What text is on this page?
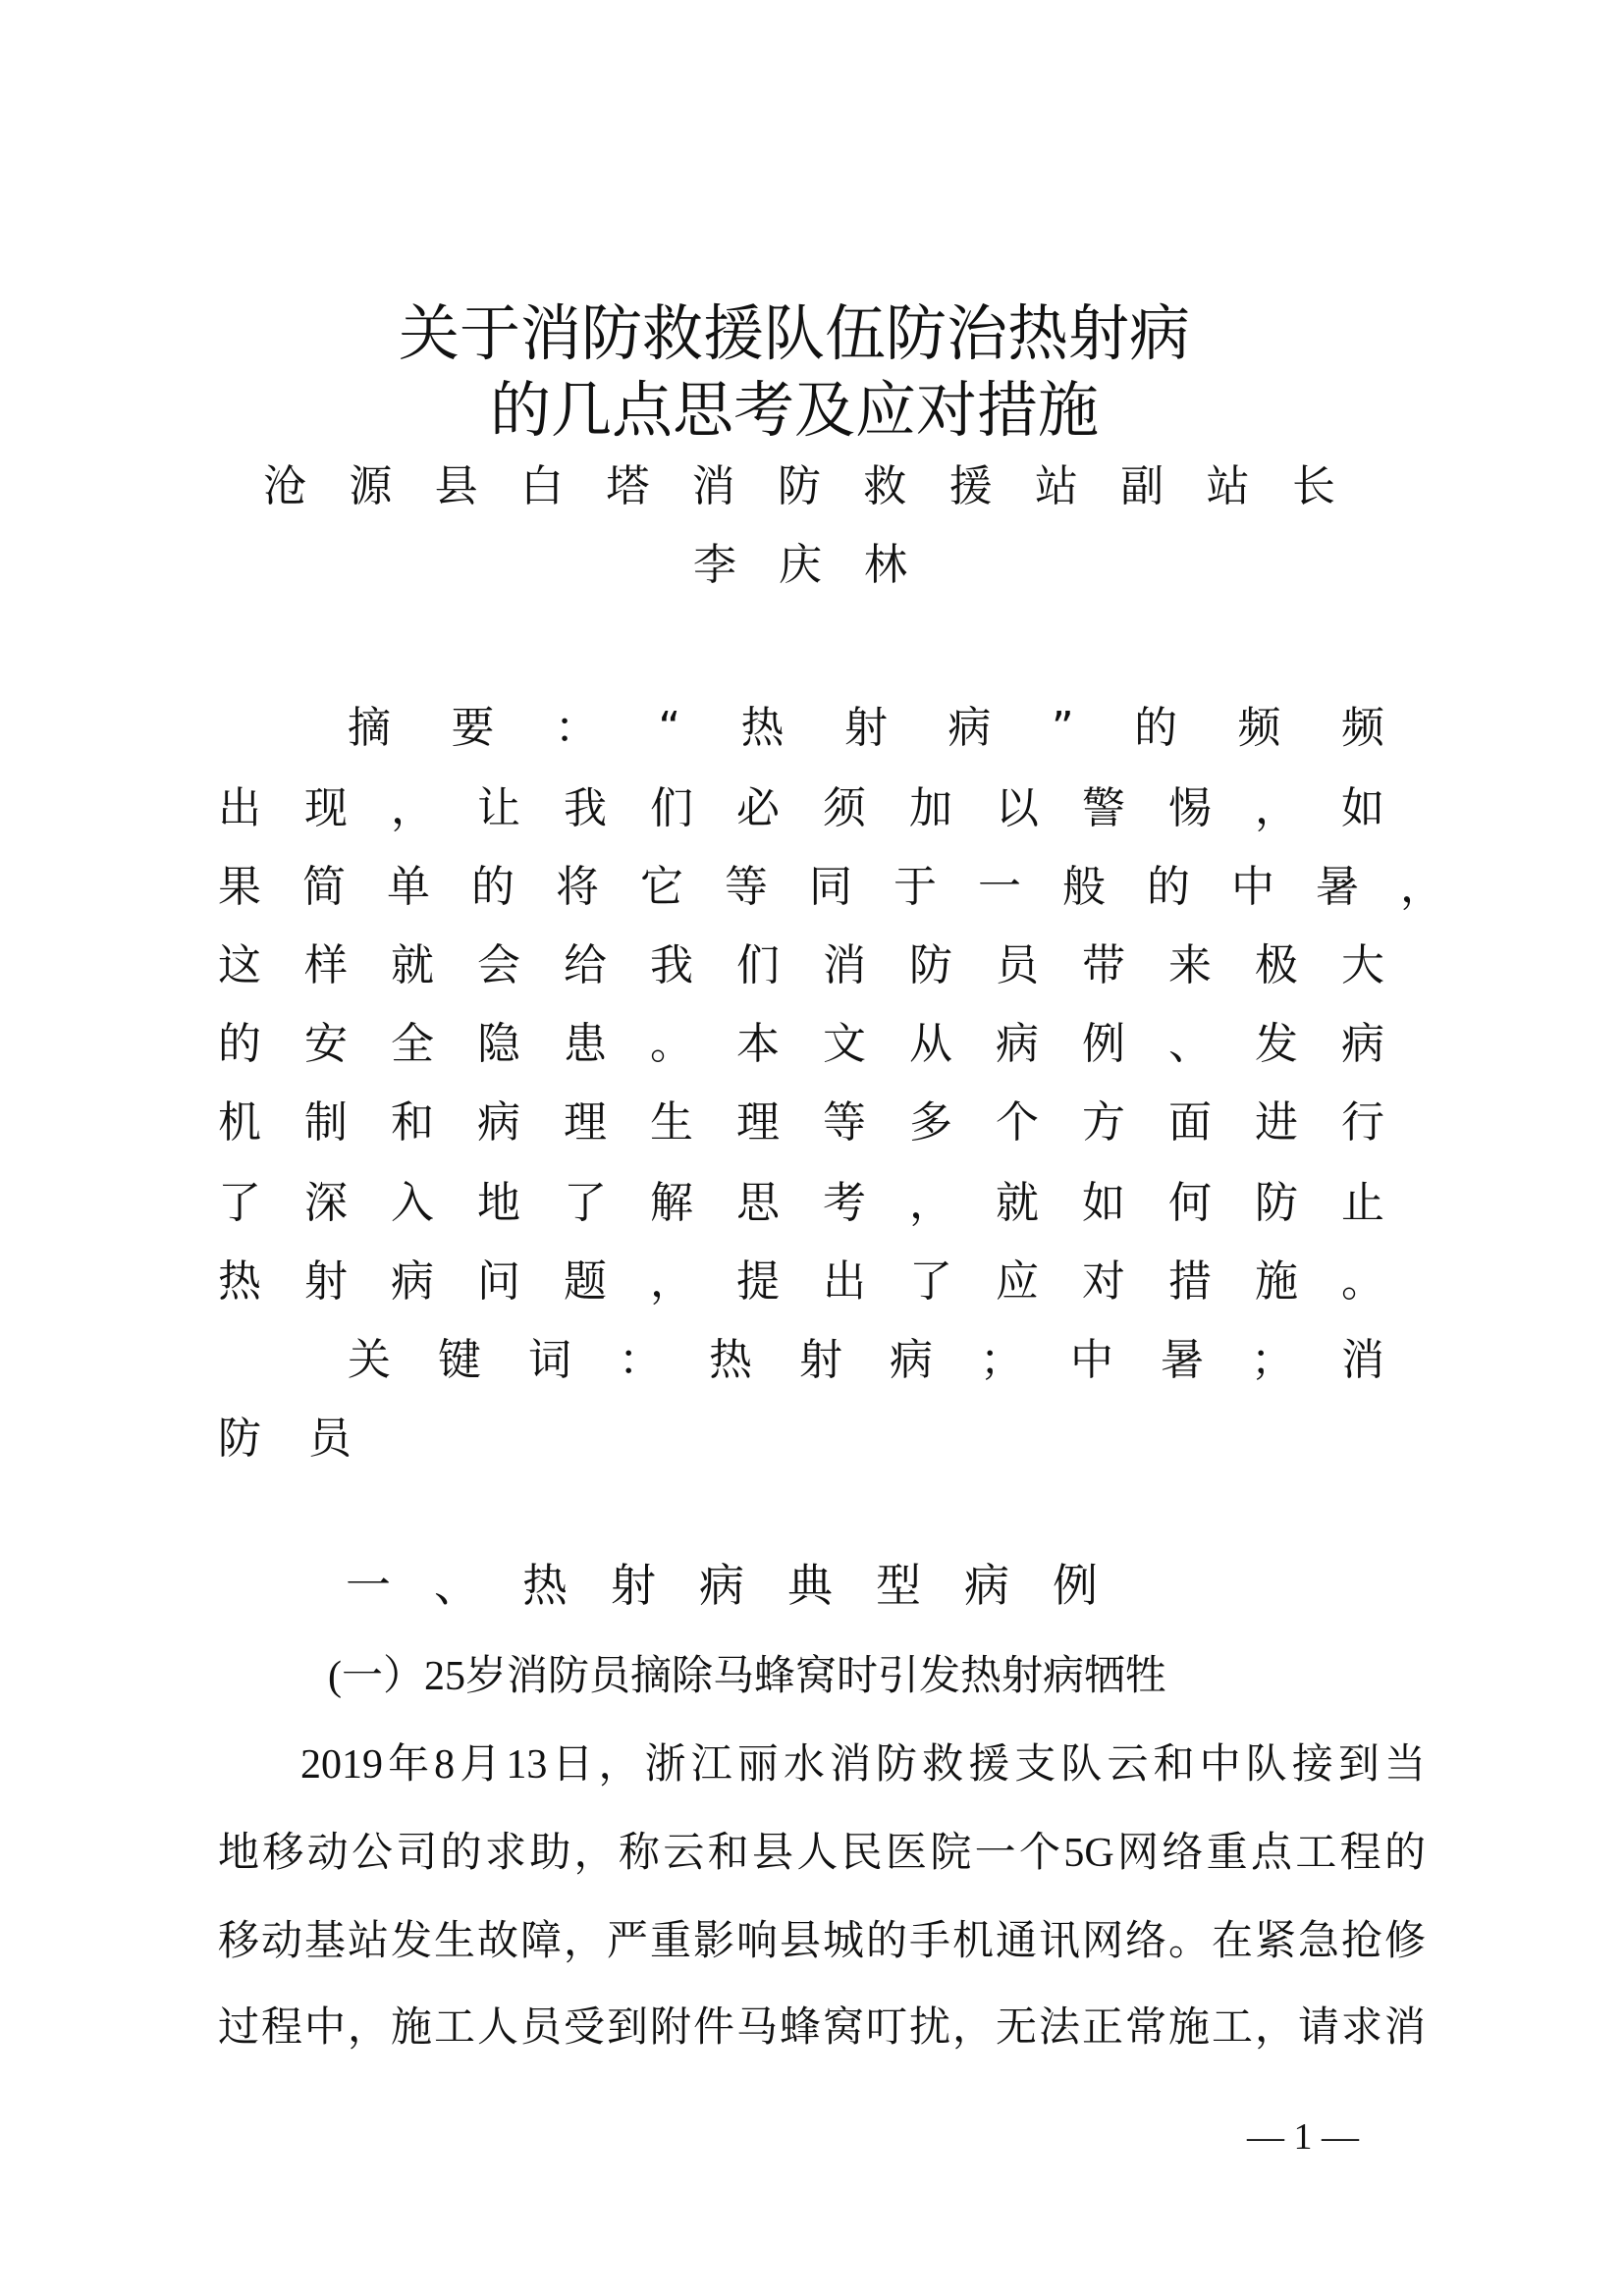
关于消防救援队伍防治热射病
的几点思考及应对措施
沧 源 县 白 塔 消 防 救 援 站 副 站 长
李 庆 林
摘 要 ： “ 热 射 病 ” 的 频 频
出 现 ， 让 我 们 必 须 加 以 警 惕 ， 如
果 简 单 的 将 它 等 同 于 一 般 的 中 暑 ，
这 样 就 会 给 我 们 消 防 员 带 来 极 大
的 安 全 隐 患 。 本 文 从 病 例 、 发 病
机 制 和 病 理 生 理 等 多 个 方 面 进 行
了 深 入 地 了 解 思 考 ， 就 如 何 防 止
热 射 病 问 题 ， 提 出 了 应 对 措 施 。
关 键 词 ： 热 射 病 ； 中 暑 ； 消
防 员
一 、 热 射 病 典 型 病 例
(一）25岁消防员摘除马蜂窝时引发热射病牺牲
2019年8月13日，浙江丽水消防救援支队云和中队接到当
地移动公司的求助，称云和县人民医院一个5G网络重点工程的
移动基站发生故障，严重影响县城的手机通讯网络。在紧急抢修
过程中，施工人员受到附件马蜂窝叮扰，无法正常施工，请求消
— 1 —
